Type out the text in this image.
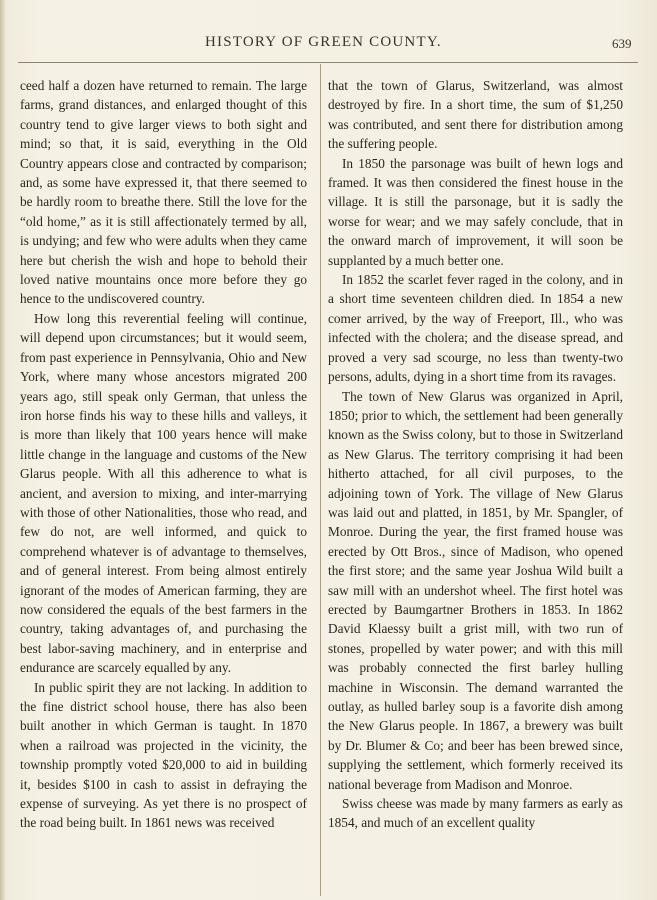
HISTORY OF GREEN COUNTY.	639

ceed half a dozen have returned to remain. The large farms, grand distances, and enlarged thought of this country tend to give larger views to both sight and mind; so that, it is said, everything in the Old Country appears close and contracted by comparison; and, as some have expressed it, that there seemed to be hardly room to breathe there. Still the love for the “old home,” as it is still affectionately termed by all, is undying; and few who were adults when they came here but cherish the wish and hope to behold their loved native mountains once more before they go hence to the undiscovered country.

How long this reverential feeling will continue, will depend upon circumstances; but it would seem, from past experience in Pennsylvania, Ohio and New York, where many whose ancestors migrated 200 years ago, still speak only German, that unless the iron horse finds his way to these hills and valleys, it is more than likely that 100 years hence will make little change in the language and customs of the New Glarus people. With all this adherence to what is ancient, and aversion to mixing, and inter-marrying with those of other Nationalities, those who read, and few do not, are well informed, and quick to comprehend whatever is of advantage to themselves, and of general interest. From being almost entirely ignorant of the modes of American farming, they are now considered the equals of the best farmers in the country, taking advantages of, and purchasing the best labor-saving machinery, and in enterprise and endurance are scarcely equalled by any.

In public spirit they are not lacking. In addition to the fine district school house, there has also been built another in which German is taught. In 1870 when a railroad was projected in the vicinity, the township promptly voted $20,000 to aid in building it, besides $100 in cash to assist in defraying the expense of surveying. As yet there is no prospect of the road being built. In 1861 news was received

that the town of Glarus, Switzerland, was almost destroyed by fire. In a short time, the sum of $1,250 was contributed, and sent there for distribution among the suffering people.

In 1850 the parsonage was built of hewn logs and framed. It was then considered the finest house in the village. It is still the parsonage, but it is sadly the worse for wear; and we may safely conclude, that in the onward march of improvement, it will soon be supplanted by a much better one.

In 1852 the scarlet fever raged in the colony, and in a short time seventeen children died. In 1854 a new comer arrived, by the way of Freeport, Ill., who was infected with the cholera; and the disease spread, and proved a very sad scourge, no less than twenty-two persons, adults, dying in a short time from its ravages.

The town of New Glarus was organized in April, 1850; prior to which, the settlement had been generally known as the Swiss colony, but to those in Switzerland as New Glarus. The territory comprising it had been hitherto attached, for all civil purposes, to the adjoining town of York. The village of New Glarus was laid out and platted, in 1851, by Mr. Spangler, of Monroe. During the year, the first framed house was erected by Ott Bros., since of Madison, who opened the first store; and the same year Joshua Wild built a saw mill with an undershot wheel. The first hotel was erected by Baumgartner Brothers in 1853. In 1862 David Klaessy built a grist mill, with two run of stones, propelled by water power; and with this mill was probably connected the first barley hulling machine in Wisconsin. The demand warranted the outlay, as hulled barley soup is a favorite dish among the New Glarus people. In 1867, a brewery was built by Dr. Blumer & Co; and beer has been brewed since, supplying the settlement, which formerly received its national beverage from Madison and Monroe.

Swiss cheese was made by many farmers as early as 1854, and much of an excellent quality
